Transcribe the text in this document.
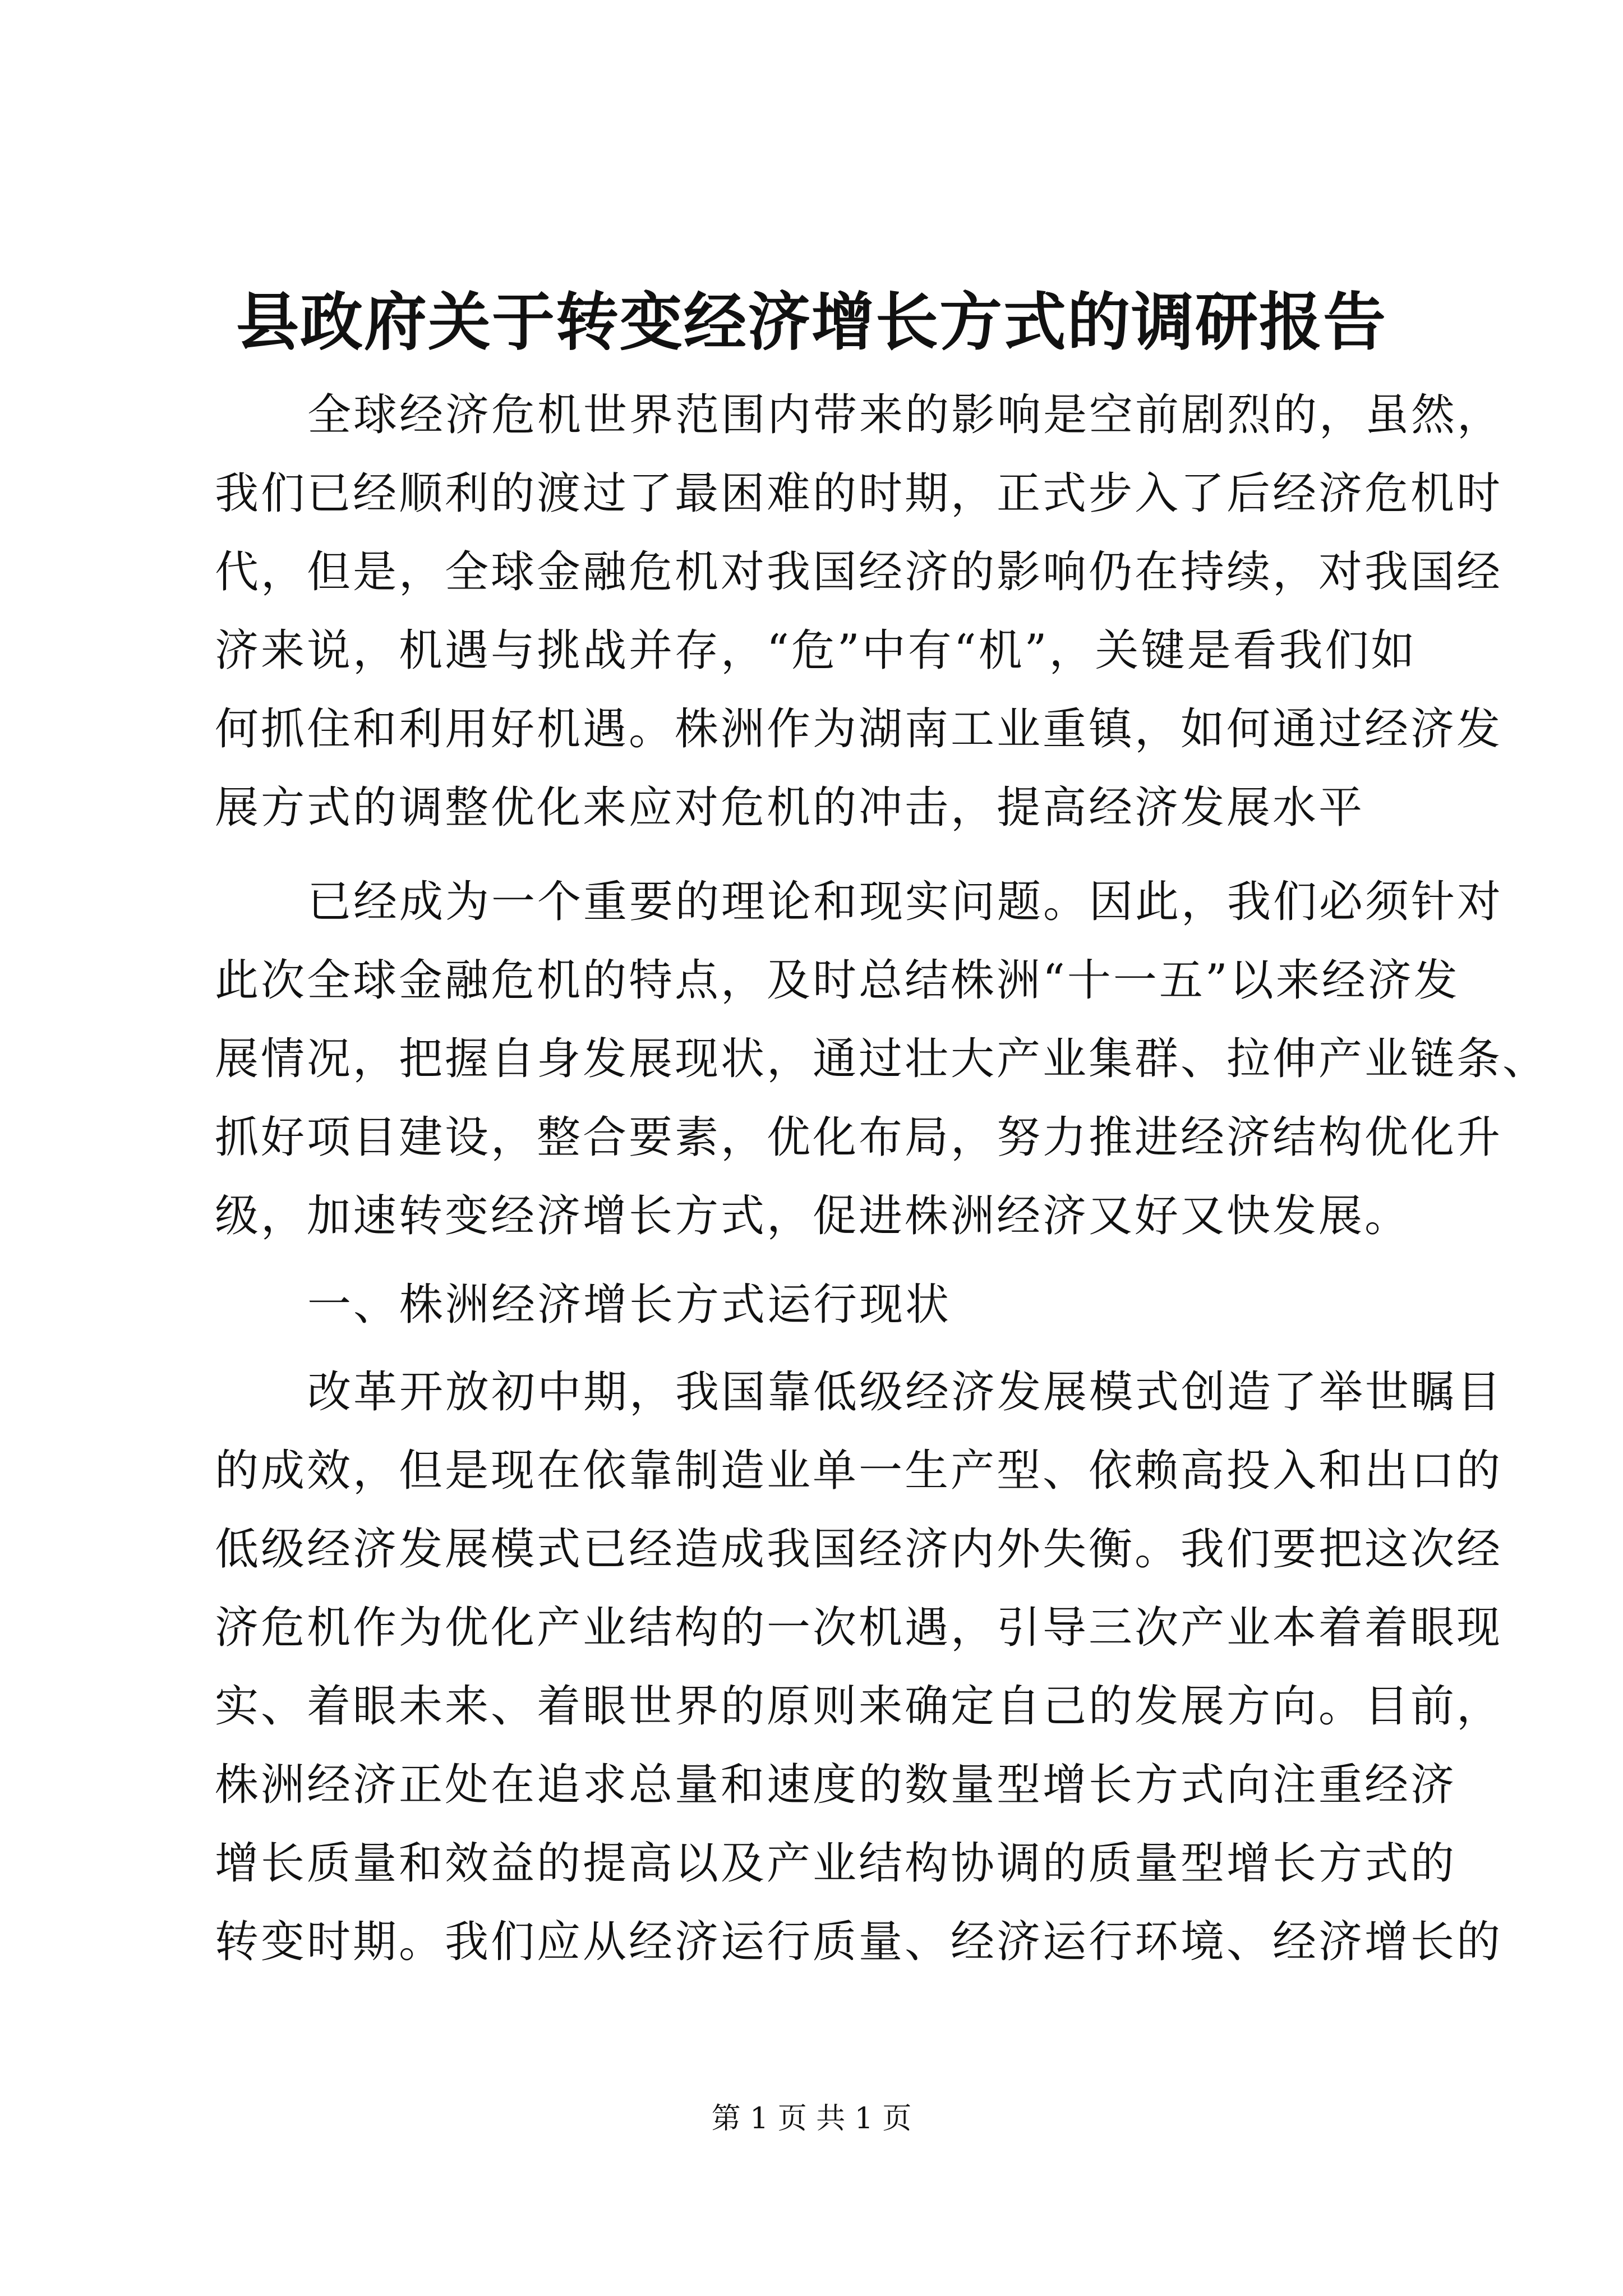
县政府关于转变经济增长方式的调研报告
全球经济危机世界范围内带来的影响是空前剧烈的，虽然，
我们已经顺利的渡过了最困难的时期，正式步入了后经济危机时
代，但是，全球金融危机对我国经济的影响仍在持续，对我国经
济来说，机遇与挑战并存，“危”中有“机”，关键是看我们如
何抓住和利用好机遇。株洲作为湖南工业重镇，如何通过经济发
展方式的调整优化来应对危机的冲击，提高经济发展水平
已经成为一个重要的理论和现实问题。因此，我们必须针对
此次全球金融危机的特点，及时总结株洲“十一五”以来经济发
展情况，把握自身发展现状，通过壮大产业集群、拉伸产业链条、
抓好项目建设，整合要素，优化布局，努力推进经济结构优化升
级，加速转变经济增长方式，促进株洲经济又好又快发展。
一、株洲经济增长方式运行现状
改革开放初中期，我国靠低级经济发展模式创造了举世瞩目
的成效，但是现在依靠制造业单一生产型、依赖高投入和出口的
低级经济发展模式已经造成我国经济内外失衡。我们要把这次经
济危机作为优化产业结构的一次机遇，引导三次产业本着着眼现
实、着眼未来、着眼世界的原则来确定自己的发展方向。目前，
株洲经济正处在追求总量和速度的数量型增长方式向注重经济
增长质量和效益的提高以及产业结构协调的质量型增长方式的
转变时期。我们应从经济运行质量、经济运行环境、经济增长的
第 1 页 共 1 页
